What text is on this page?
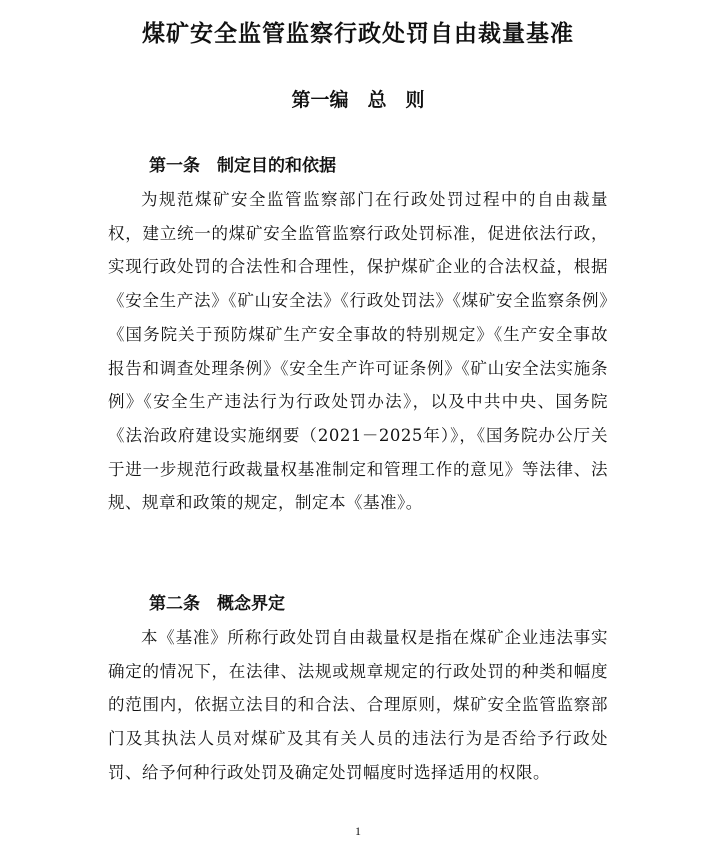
煤矿安全监管监察行政处罚自由裁量基准
第一编　总　则
第一条　制定目的和依据

为规范煤矿安全监管监察部门在行政处罚过程中的自由裁量权，建立统一的煤矿安全监管监察行政处罚标准，促进依法行政，实现行政处罚的合法性和合理性，保护煤矿企业的合法权益，根据《安全生产法》《矿山安全法》《行政处罚法》《煤矿安全监察条例》《国务院关于预防煤矿生产安全事故的特别规定》《生产安全事故报告和调查处理条例》《安全生产许可证条例》《矿山安全法实施条例》《安全生产违法行为行政处罚办法》，以及中共中央、国务院《法治政府建设实施纲要（2021－2025年）》，《国务院办公厅关于进一步规范行政裁量权基准制定和管理工作的意见》等法律、法规、规章和政策的规定，制定本《基准》。

第二条　概念界定

本《基准》所称行政处罚自由裁量权是指在煤矿企业违法事实确定的情况下，在法律、法规或规章规定的行政处罚的种类和幅度的范围内，依据立法目的和合法、合理原则，煤矿安全监管监察部门及其执法人员对煤矿及其有关人员的违法行为是否给予行政处罚、给予何种行政处罚及确定处罚幅度时选择适用的权限。

1
